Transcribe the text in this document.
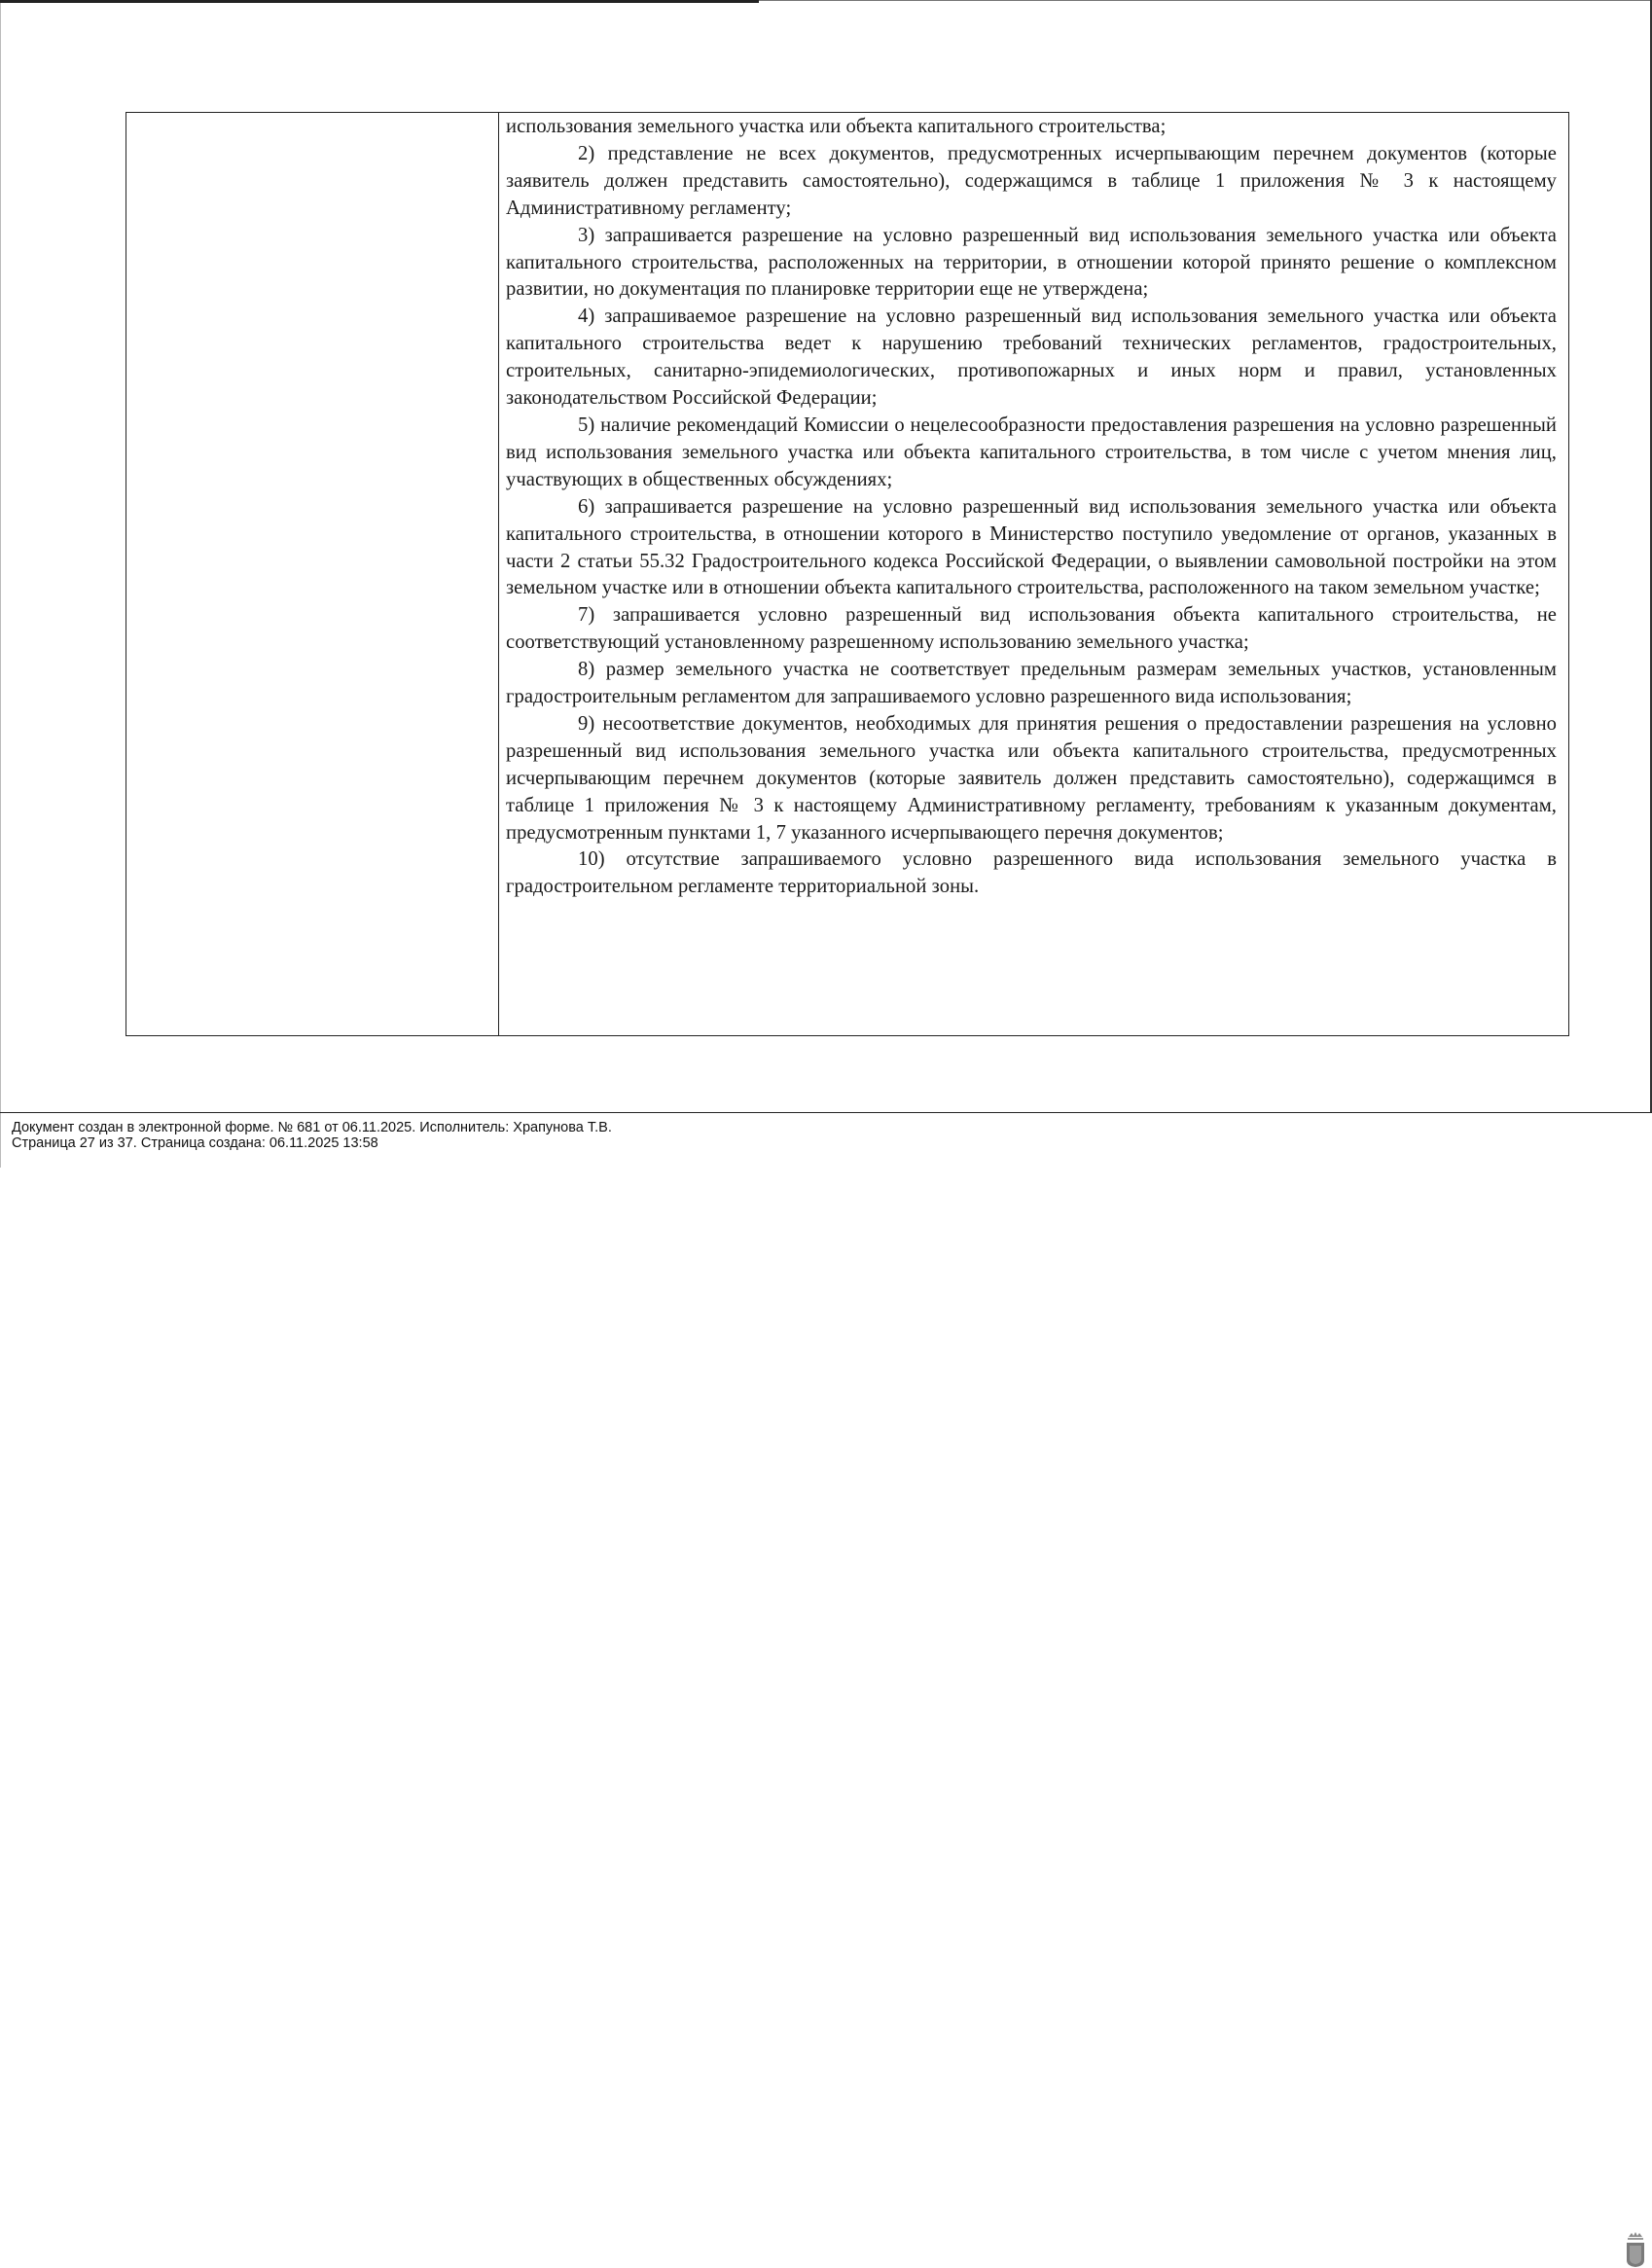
использования земельного участка или объекта капитального строительства;

2) представление не всех документов, предусмотренных исчерпывающим перечнем документов (которые заявитель должен представить самостоятельно), содержащимся в таблице 1 приложения № 3 к настоящему Административному регламенту;

3) запрашивается разрешение на условно разрешенный вид использования земельного участка или объекта капитального строительства, расположенных на территории, в отношении которой принято решение о комплексном развитии, но документация по планировке территории еще не утверждена;

4) запрашиваемое разрешение на условно разрешенный вид использования земельного участка или объекта капитального строительства ведет к нарушению требований технических регламентов, градостроительных, строительных, санитарно-эпидемиологических, противопожарных и иных норм и правил, установленных законодательством Российской Федерации;

5) наличие рекомендаций Комиссии о нецелесообразности предоставления разрешения на условно разрешенный вид использования земельного участка или объекта капитального строительства, в том числе с учетом мнения лиц, участвующих в общественных обсуждениях;

6) запрашивается разрешение на условно разрешенный вид использования земельного участка или объекта капитального строительства, в отношении которого в Министерство поступило уведомление от органов, указанных в части 2 статьи 55.32 Градостроительного кодекса Российской Федерации, о выявлении самовольной постройки на этом земельном участке или в отношении объекта капитального строительства, расположенного на таком земельном участке;

7) запрашивается условно разрешенный вид использования объекта капитального строительства, не соответствующий установленному разрешенному использованию земельного участка;

8) размер земельного участка не соответствует предельным размерам земельных участков, установленным градостроительным регламентом для запрашиваемого условно разрешенного вида использования;

9) несоответствие документов, необходимых для принятия решения о предоставлении разрешения на условно разрешенный вид использования земельного участка или объекта капитального строительства, предусмотренных исчерпывающим перечнем документов (которые заявитель должен представить самостоятельно), содержащимся в таблице 1 приложения № 3 к настоящему Административному регламенту, требованиям к указанным документам, предусмотренным пунктами 1, 7 указанного исчерпывающего перечня документов;

10) отсутствие запрашиваемого условно разрешенного вида использования земельного участка в градостроительном регламенте территориальной зоны.

Документ создан в электронной форме. № 681 от 06.11.2025. Исполнитель: Храпунова Т.В.
Страница 27 из 37. Страница создана: 06.11.2025 13:58
